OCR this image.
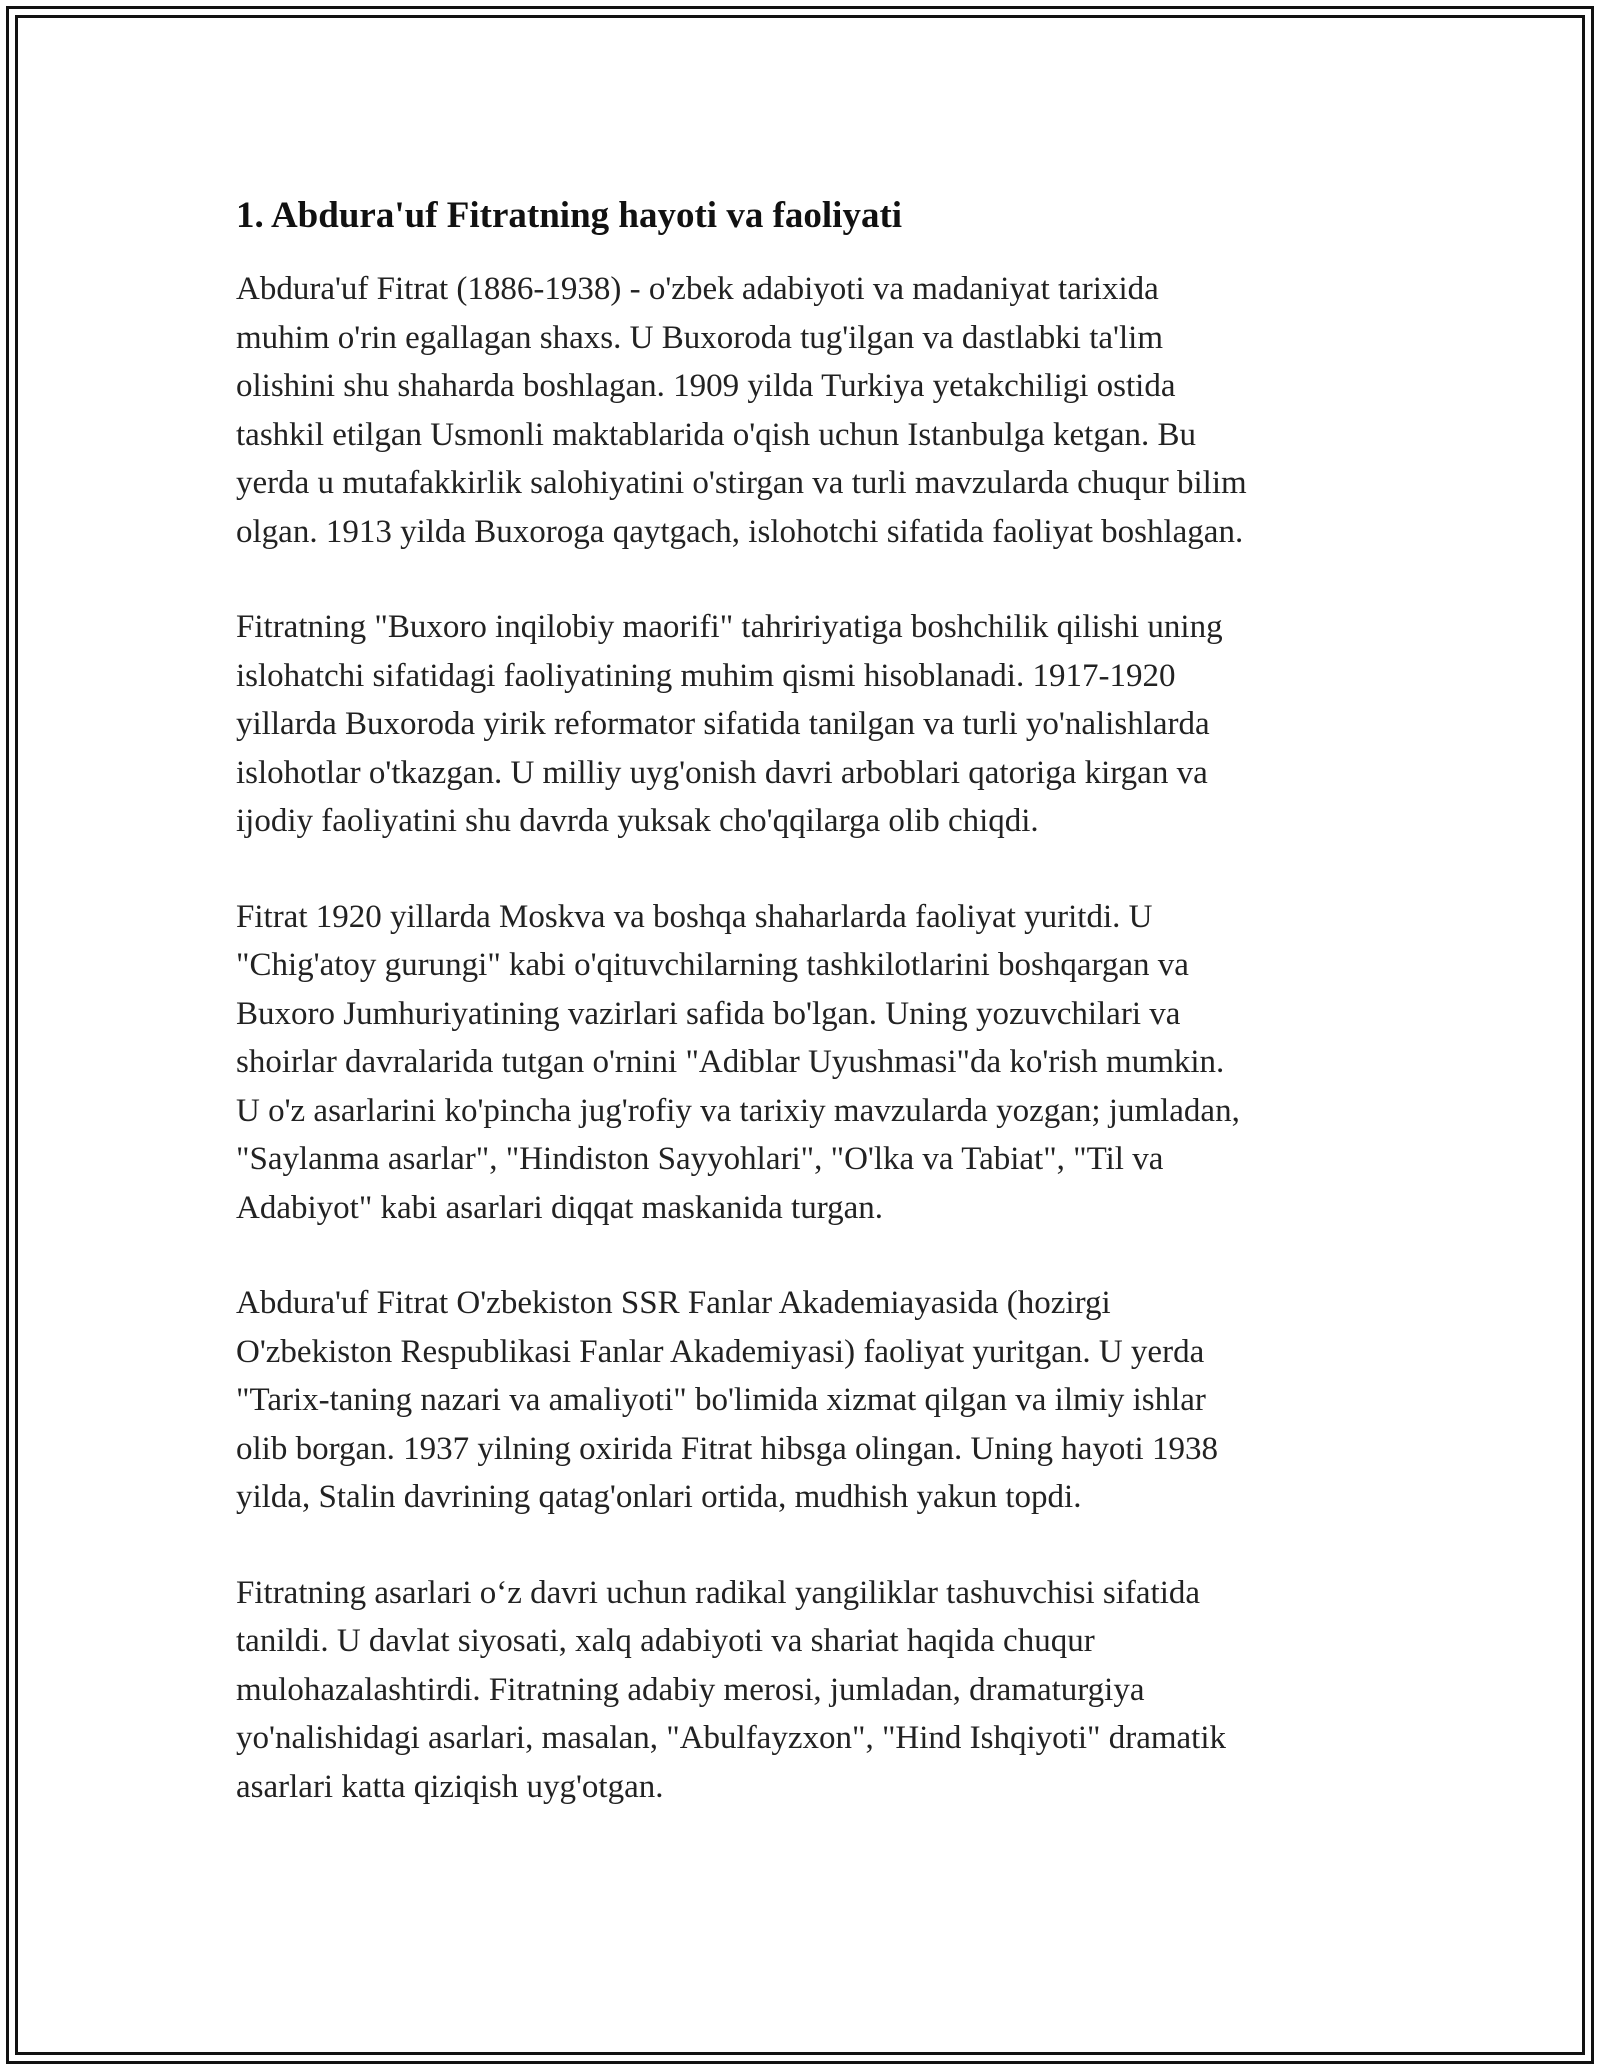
1. Abdura'uf Fitratning hayoti va faoliyati

Abdura'uf Fitrat (1886-1938) - o'zbek adabiyoti va madaniyat tarixida
muhim o'rin egallagan shaxs. U Buxoroda tug'ilgan va dastlabki ta'lim
olishini shu shaharda boshlagan. 1909 yilda Turkiya yetakchiligi ostida
tashkil etilgan Usmonli maktablarida o'qish uchun Istanbulga ketgan. Bu
yerda u mutafakkirlik salohiyatini o'stirgan va turli mavzularda chuqur bilim
olgan. 1913 yilda Buxoroga qaytgach, islohotchi sifatida faoliyat boshlagan.

Fitratning "Buxoro inqilobiy maorifi" tahririyatiga boshchilik qilishi uning
islohatchi sifatidagi faoliyatining muhim qismi hisoblanadi. 1917-1920
yillarda Buxoroda yirik reformator sifatida tanilgan va turli yo'nalishlarda
islohotlar o'tkazgan. U milliy uyg'onish davri arboblari qatoriga kirgan va
ijodiy faoliyatini shu davrda yuksak cho'qqilarga olib chiqdi.

Fitrat 1920 yillarda Moskva va boshqa shaharlarda faoliyat yuritdi. U
"Chig'atoy gurungi" kabi o'qituvchilarning tashkilotlarini boshqargan va
Buxoro Jumhuriyatining vazirlari safida bo'lgan. Uning yozuvchilari va
shoirlar davralarida tutgan o'rnini "Adiblar Uyushmasi"da ko'rish mumkin.
U o'z asarlarini ko'pincha jug'rofiy va tarixiy mavzularda yozgan; jumladan,
"Saylanma asarlar", "Hindiston Sayyohlari", "O'lka va Tabiat", "Til va
Adabiyot" kabi asarlari diqqat maskanida turgan.

Abdura'uf Fitrat O'zbekiston SSR Fanlar Akademiayasida (hozirgi
O'zbekiston Respublikasi Fanlar Akademiyasi) faoliyat yuritgan. U yerda
"Tarix-taning nazari va amaliyoti" bo'limida xizmat qilgan va ilmiy ishlar
olib borgan. 1937 yilning oxirida Fitrat hibsga olingan. Uning hayoti 1938
yilda, Stalin davrining qatag'onlari ortida, mudhish yakun topdi.

Fitratning asarlari o‘z davri uchun radikal yangiliklar tashuvchisi sifatida
tanildi. U davlat siyosati, xalq adabiyoti va shariat haqida chuqur
mulohazalashtirdi. Fitratning adabiy merosi, jumladan, dramaturgiya
yo'nalishidagi asarlari, masalan, "Abulfayzxon", "Hind Ishqiyoti" dramatik
asarlari katta qiziqish uyg'otgan.
